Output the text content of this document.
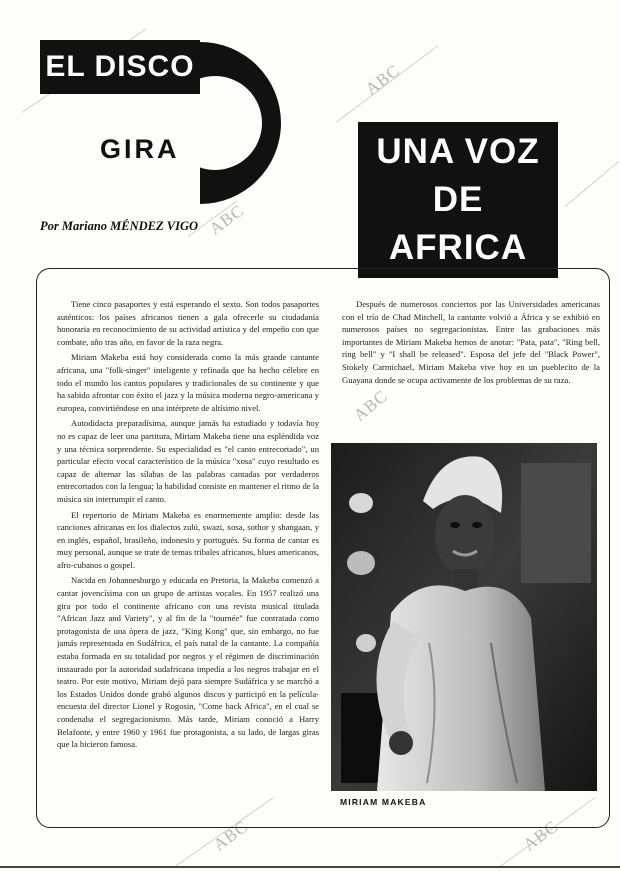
ABC
ABC
ABC	ABC
ABC
EL DISCO
GIRA
Por Mariano MÉNDEZ VIGO
UNA VOZ
DE
AFRICA

Tiene cinco pasaportes y está esperando el sexto. Son todos pasaportes auténticos: los países africanos tienen a gala ofrecerle su ciudadanía honoraria en reconocimiento de su actividad artística y del empeño con que combate, año tras año, en favor de la raza negra.

Miriam Makeba está hoy considerada como la más grande cantante africana, una "folk-singer" inteligente y refinada que ha hecho célebre en todo el mundo los cantos populares y tradicionales de su continente y que ha sabido afrontar con éxito el jazz y la música moderna negro-americana y europea, convirtiéndose en una intérprete de altísimo nivel.

Autodidacta preparadísima, aunque jamás ha estudiado y todavía hoy no es capaz de leer una partitura, Miriam Makeba tiene una espléndida voz y una técnica sorprendente. Su especialidad es "el canto entrecortado", un particular efecto vocal característico de la música "xosa" cuyo resultado es capaz de alternar las sílabas de las palabras cantadas por verdaderos entrecortados con la lengua; la habilidad consiste en mantener el ritmo de la música sin interrumpir el canto.

El repertorio de Miriam Makeba es enormemente amplio: desde las canciones africanas en los dialectos zulú, swazi, xosa, sothor y shangaan, y en inglés, español, brasileño, indonesio y portugués. Su forma de cantar es muy personal, aunque se trate de temas tribales africanos, blues americanos, afro-cubanos o gospel.

Nacida en Johannesburgo y educada en Pretoria, la Makeba comenzó a cantar jovencísima con un grupo de artistas vocales. En 1957 realizó una gira por todo el continente africano con una revista musical titulada "African Jazz and Variety", y al fin de la "tournée" fue contratada como protagonista de una ópera de jazz, "King Kong" que, sin embargo, no fue jamás representada en Sudáfrica, el país natal de la cantante. La compañía estaba formada en su totalidad por negros y el régimen de discriminación instaurado por la autoridad sudafricana impedía a los negros trabajar en el teatro. Por este motivo, Miriam dejó para siempre Sudáfrica y se marchó a los Estados Unidos donde grabó algunos discos y participó en la película-encuesta del director Lionel y Rogosin, "Come back Africa", en el cual se condenaba el segregacionismo. Más tarde, Miriam conoció a Harry Belafonte, y entre 1960 y 1961 fue protagonista, a su lado, de largas giras que la hicieron famosa.

Después de numerosos conciertos por las Universidades americanas con el trío de Chad Mitchell, la cantante volvió a África y se exhibió en numerosos países no segregacionistas. Entre las grabaciones más importantes de Miriam Makeba hemos de anotar: "Pata, pata", "Ring bell, ring bell" y "I shall be released". Esposa del jefe del "Black Power", Stokely Carmichael, Miriam Makeba vive hoy en un pueblecito de la Guayana donde se ocupa activamente de los problemas de su raza.

MIRIAM MAKEBA
